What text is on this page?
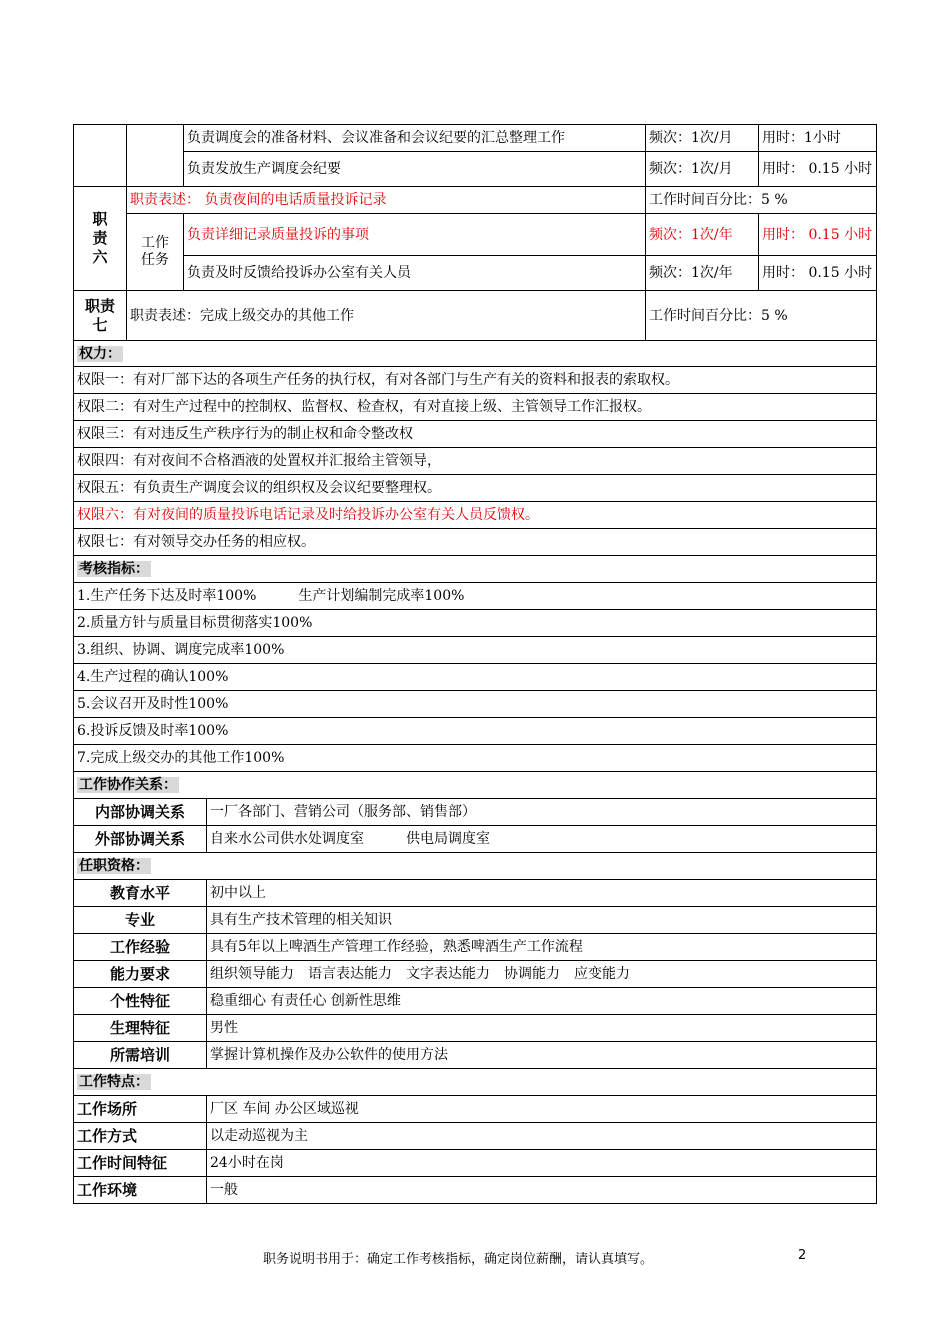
		负责调度会的准备材料、会议准备和会议纪要的汇总整理工作	频次：1次/月	用时：1小时
		负责发放生产调度会纪要	频次：1次/月	用时： 0.15 小时
职责六	职责表述： 负责夜间的电话质量投诉记录		工作时间百分比：5 %	
	工作任务	负责详细记录质量投诉的事项	频次：1次/年	用时： 0.15 小时
		负责及时反馈给投诉办公室有关人员	频次：1次/年	用时： 0.15 小时
职责七	职责表述：完成上级交办的其他工作		工作时间百分比：5 %	
权力：				
权限一：有对厂部下达的各项生产任务的执行权，有对各部门与生产有关的资料和报表的索取权。				
权限二：有对生产过程中的控制权、监督权、检查权，有对直接上级、主管领导工作汇报权。				
权限三：有对违反生产秩序行为的制止权和命令整改权				
权限四：有对夜间不合格酒液的处置权并汇报给主管领导，				
权限五：有负责生产调度会议的组织权及会议纪要整理权。				
权限六：有对夜间的质量投诉电话记录及时给投诉办公室有关人员反馈权。				
权限七：有对领导交办任务的相应权。				
考核指标：				
1.生产任务下达及时率100%　　　生产计划编制完成率100%				
2.质量方针与质量目标贯彻落实100%				
3.组织、协调、调度完成率100%				
4.生产过程的确认100%				
5.会议召开及时性100%				
6.投诉反馈及时率100%				
7.完成上级交办的其他工作100%				
工作协作关系：	
内部协调关系	一厂各部门、营销公司（服务部、销售部）
外部协调关系	自来水公司供水处调度室　　　供电局调度室
任职资格：	
教育水平	初中以上
专业	具有生产技术管理的相关知识
工作经验	具有5年以上啤酒生产管理工作经验，熟悉啤酒生产工作流程
能力要求	组织领导能力　语言表达能力　文字表达能力　协调能力　应变能力
个性特征	稳重细心 有责任心 创新性思维
生理特征	男性
所需培训	掌握计算机操作及办公软件的使用方法
工作特点：	
工作场所	厂区 车间 办公区域巡视
工作方式	以走动巡视为主
工作时间特征	24小时在岗
工作环境	一般
职务说明书用于：确定工作考核指标，确定岗位薪酬，请认真填写。	2
